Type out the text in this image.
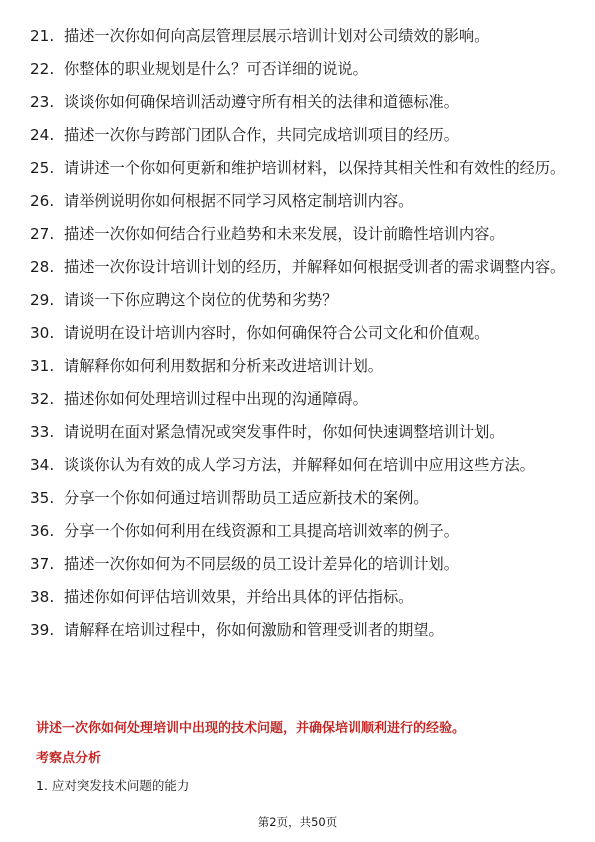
21. 描述一次你如何向高层管理层展示培训计划对公司绩效的影响。
22. 你整体的职业规划是什么？可否详细的说说。
23. 谈谈你如何确保培训活动遵守所有相关的法律和道德标准。
24. 描述一次你与跨部门团队合作，共同完成培训项目的经历。
25. 请讲述一个你如何更新和维护培训材料，以保持其相关性和有效性的经历。
26. 请举例说明你如何根据不同学习风格定制培训内容。
27. 描述一次你如何结合行业趋势和未来发展，设计前瞻性培训内容。
28. 描述一次你设计培训计划的经历，并解释如何根据受训者的需求调整内容。
29. 请谈一下你应聘这个岗位的优势和劣势？
30. 请说明在设计培训内容时，你如何确保符合公司文化和价值观。
31. 请解释你如何利用数据和分析来改进培训计划。
32. 描述你如何处理培训过程中出现的沟通障碍。
33. 请说明在面对紧急情况或突发事件时，你如何快速调整培训计划。
34. 谈谈你认为有效的成人学习方法，并解释如何在培训中应用这些方法。
35. 分享一个你如何通过培训帮助员工适应新技术的案例。
36. 分享一个你如何利用在线资源和工具提高培训效率的例子。
37. 描述一次你如何为不同层级的员工设计差异化的培训计划。
38. 描述你如何评估培训效果，并给出具体的评估指标。
39. 请解释在培训过程中，你如何激励和管理受训者的期望。
讲述一次你如何处理培训中出现的技术问题，并确保培训顺利进行的经验。
考察点分析
1. 应对突发技术问题的能力
第2页，共50页
